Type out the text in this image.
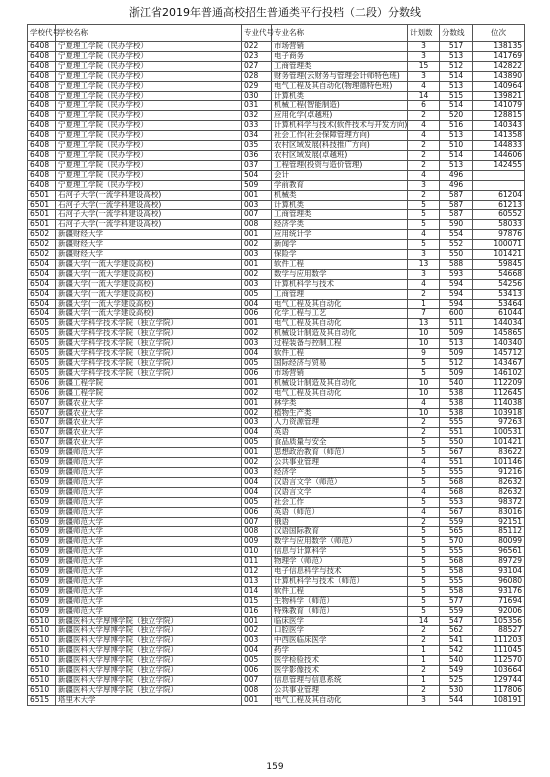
浙江省2019年普通高校招生普通类平行投档（二段）分数线
学校代号	学校名称	专业代号	专业名称	计划数	分数线	位次
6408	宁夏理工学院（民办学校）	022	市场营销	3	517	138135
6408	宁夏理工学院（民办学校）	023	电子商务	3	513	141769
6408	宁夏理工学院（民办学校）	027	工商管理类	15	512	142822
6408	宁夏理工学院（民办学校）	028	财务管理(云财务与管理会计师特色班)	3	514	143890
6408	宁夏理工学院（民办学校）	029	电气工程及其自动化(物理德特色班)	4	513	140964
6408	宁夏理工学院（民办学校）	030	计算机类	14	515	139821
6408	宁夏理工学院（民办学校）	031	机械工程(智能制造)	6	514	141079
6408	宁夏理工学院（民办学校）	032	应用化学(卓越班)	2	520	128815
6408	宁夏理工学院（民办学校）	033	计算机科学与技术(软件技术与开发方向)	4	516	140343
6408	宁夏理工学院（民办学校）	034	社会工作(社会保障管理方向)	4	513	141358
6408	宁夏理工学院（民办学校）	035	农村区域发展(科技推广方向)	2	510	144833
6408	宁夏理工学院（民办学校）	036	农村区域发展(卓越班)	2	514	144606
6408	宁夏理工学院（民办学校）	037	工程管理(投资与造价管理)	2	513	142455
6408	宁夏理工学院（民办学校）	504	会计	4	496	
6408	宁夏理工学院（民办学校）	509	学前教育	3	496	
6501	石河子大学(一流学科建设高校)	001	机械类	2	587	61204
6501	石河子大学(一流学科建设高校)	003	计算机类	5	587	61213
6501	石河子大学(一流学科建设高校)	007	工商管理类	5	587	60552
6501	石河子大学(一流学科建设高校)	008	经济学类	5	590	58033
6502	新疆财经大学	001	应用统计学	4	554	97876
6502	新疆财经大学	002	新闻学	5	552	100071
6502	新疆财经大学	003	保险学	3	550	101421
6504	新疆大学(一流大学建设高校)	001	软件工程	13	588	59845
6504	新疆大学(一流大学建设高校)	002	数学与应用数学	3	593	54668
6504	新疆大学(一流大学建设高校)	003	计算机科学与技术	4	594	54256
6504	新疆大学(一流大学建设高校)	005	工商管理	2	594	53413
6504	新疆大学(一流大学建设高校)	004	电气工程及其自动化	1	594	53464
6504	新疆大学(一流大学建设高校)	006	化学工程与工艺	7	600	61044
6505	新疆大学科学技术学院（独立学院）	001	电气工程及其自动化	13	511	144034
6505	新疆大学科学技术学院（独立学院）	002	机械设计制造及其自动化	10	509	145865
6505	新疆大学科学技术学院（独立学院）	003	过程装备与控制工程	10	513	140340
6505	新疆大学科学技术学院（独立学院）	004	软件工程	9	509	145712
6505	新疆大学科学技术学院（独立学院）	005	国际经济与贸易	5	512	143467
6505	新疆大学科学技术学院（独立学院）	006	市场营销	5	509	146102
6506	新疆工程学院	001	机械设计制造及其自动化	10	540	112209
6506	新疆工程学院	002	电气工程及其自动化	10	538	112645
6507	新疆农业大学	001	林学类	4	538	114038
6507	新疆农业大学	002	植物生产类	10	538	103918
6507	新疆农业大学	003	人力资源管理	2	555	97263
6507	新疆农业大学	004	英语	2	551	100531
6507	新疆农业大学	005	食品质量与安全	5	550	101421
6509	新疆师范大学	001	思想政治教育（师范）	5	567	83622
6509	新疆师范大学	002	公共事业管理	4	551	101146
6509	新疆师范大学	003	经济学	5	555	91216
6509	新疆师范大学	004	汉语言文学（师范）	5	568	82632
6509	新疆师范大学	004	汉语言文学	4	568	82632
6509	新疆师范大学	005	社会工作	5	553	98372
6509	新疆师范大学	006	英语（师范）	4	567	83016
6509	新疆师范大学	007	俄语	2	559	92151
6509	新疆师范大学	008	汉语国际教育	5	565	85112
6509	新疆师范大学	009	数学与应用数学（师范）	5	570	80099
6509	新疆师范大学	010	信息与计算科学	5	555	96561
6509	新疆师范大学	011	物理学（师范）	5	568	89729
6509	新疆师范大学	012	电子信息科学与技术	5	558	93104
6509	新疆师范大学	013	计算机科学与技术（师范）	5	555	96080
6509	新疆师范大学	014	软件工程	5	558	93176
6509	新疆师范大学	015	生物科学（师范）	5	577	71694
6509	新疆师范大学	016	特殊教育（师范）	5	559	92006
6510	新疆医科大学厚博学院（独立学院）	001	临床医学	14	547	105356
6510	新疆医科大学厚博学院（独立学院）	002	口腔医学	2	562	88527
6510	新疆医科大学厚博学院（独立学院）	003	中西医临床医学	2	541	111203
6510	新疆医科大学厚博学院（独立学院）	004	药学	1	542	111045
6510	新疆医科大学厚博学院（独立学院）	005	医学检验技术	1	540	112570
6510	新疆医科大学厚博学院（独立学院）	006	医学影像技术	2	549	103664
6510	新疆医科大学厚博学院（独立学院）	007	信息管理与信息系统	1	525	129744
6510	新疆医科大学厚博学院（独立学院）	008	公共事业管理	2	530	117806
6515	塔里木大学	001	电气工程及其自动化	3	544	108191
159
